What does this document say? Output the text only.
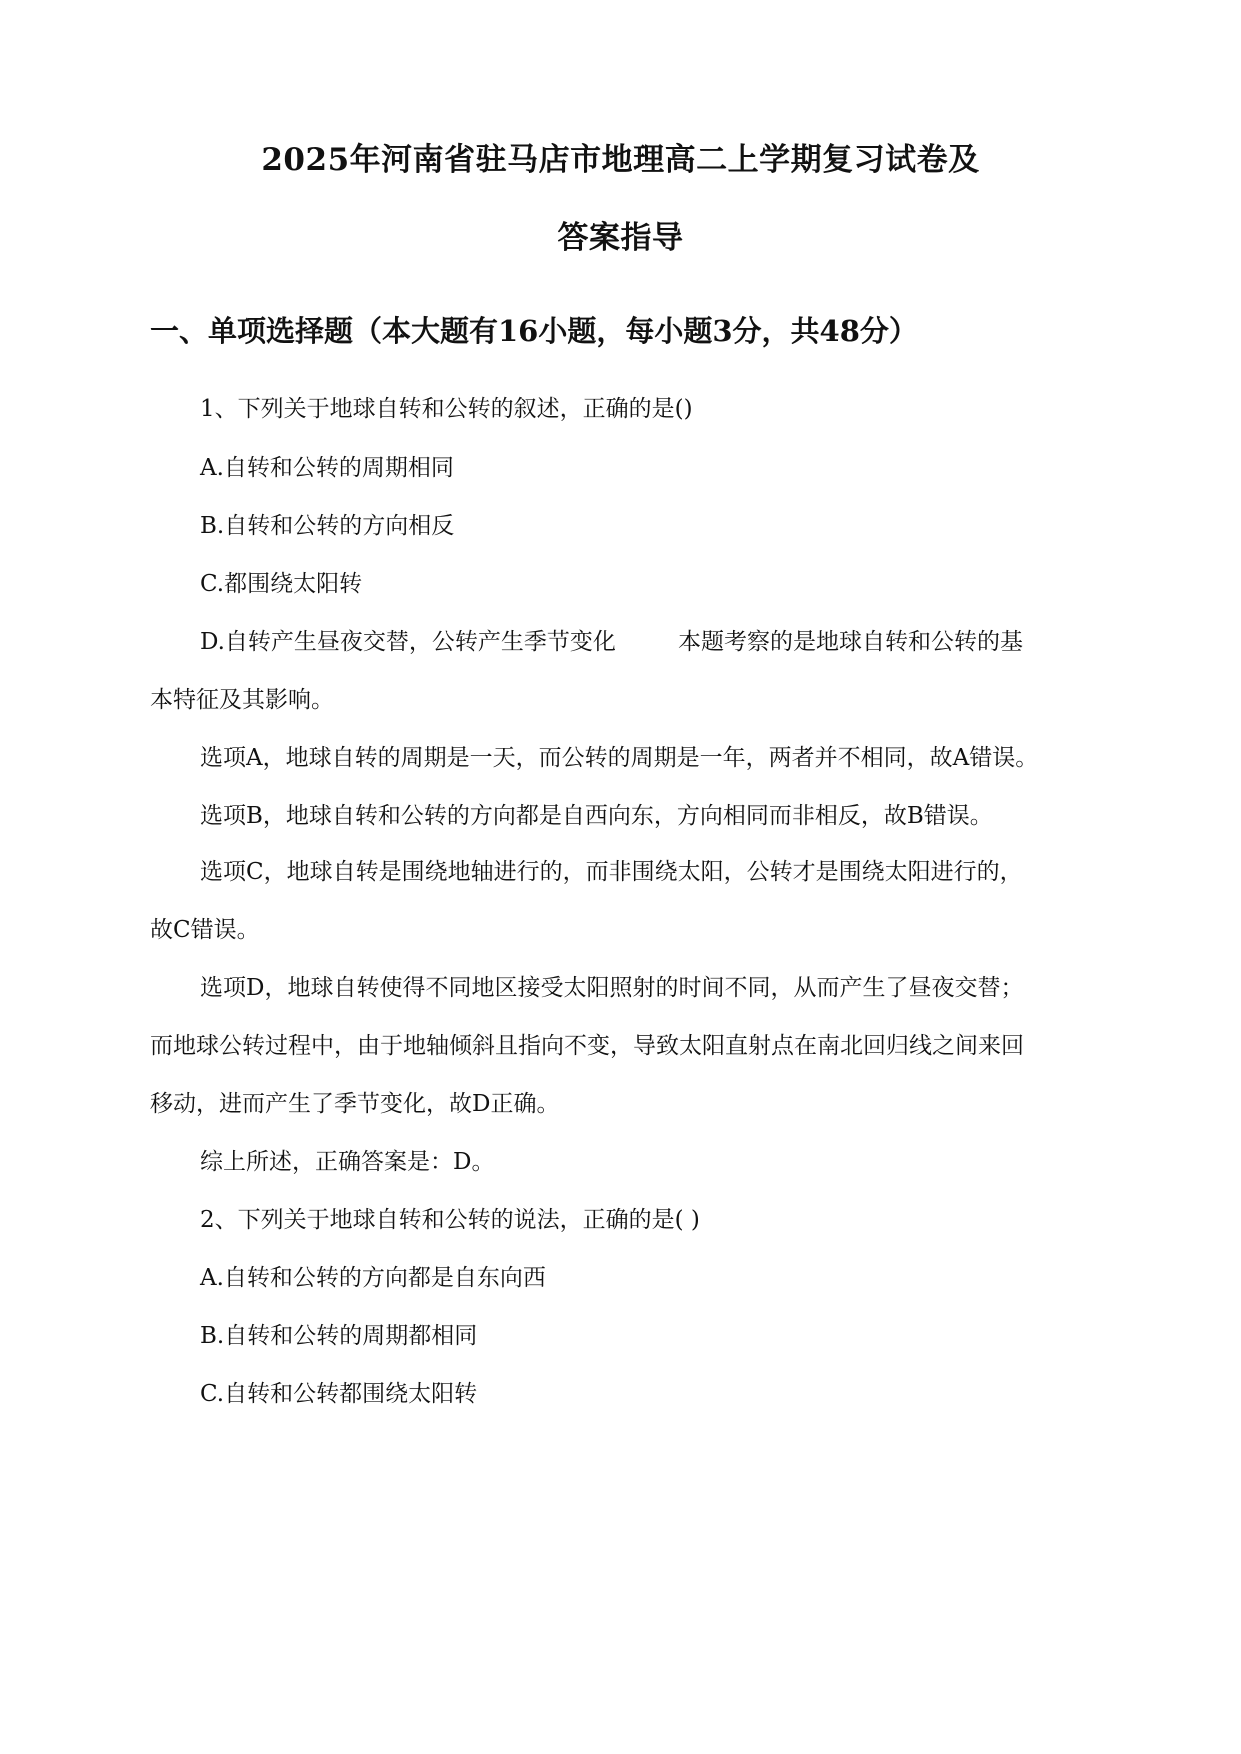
2025年河南省驻马店市地理高二上学期复习试卷及
答案指导
一、单项选择题（本大题有16小题，每小题3分，共48分）
1、下列关于地球自转和公转的叙述，正确的是()
A.自转和公转的周期相同
B.自转和公转的方向相反
C.都围绕太阳转
D.自转产生昼夜交替，公转产生季节变化	本题考察的是地球自转和公转的基
本特征及其影响。
选项A，地球自转的周期是一天，而公转的周期是一年，两者并不相同，故A错误。
选项B，地球自转和公转的方向都是自西向东，方向相同而非相反，故B错误。
选项C，地球自转是围绕地轴进行的，而非围绕太阳，公转才是围绕太阳进行的，
故C错误。
选项D，地球自转使得不同地区接受太阳照射的时间不同，从而产生了昼夜交替；
而地球公转过程中，由于地轴倾斜且指向不变，导致太阳直射点在南北回归线之间来回
移动，进而产生了季节变化，故D正确。
综上所述，正确答案是：D。
2、下列关于地球自转和公转的说法，正确的是( )
A.自转和公转的方向都是自东向西
B.自转和公转的周期都相同
C.自转和公转都围绕太阳转
